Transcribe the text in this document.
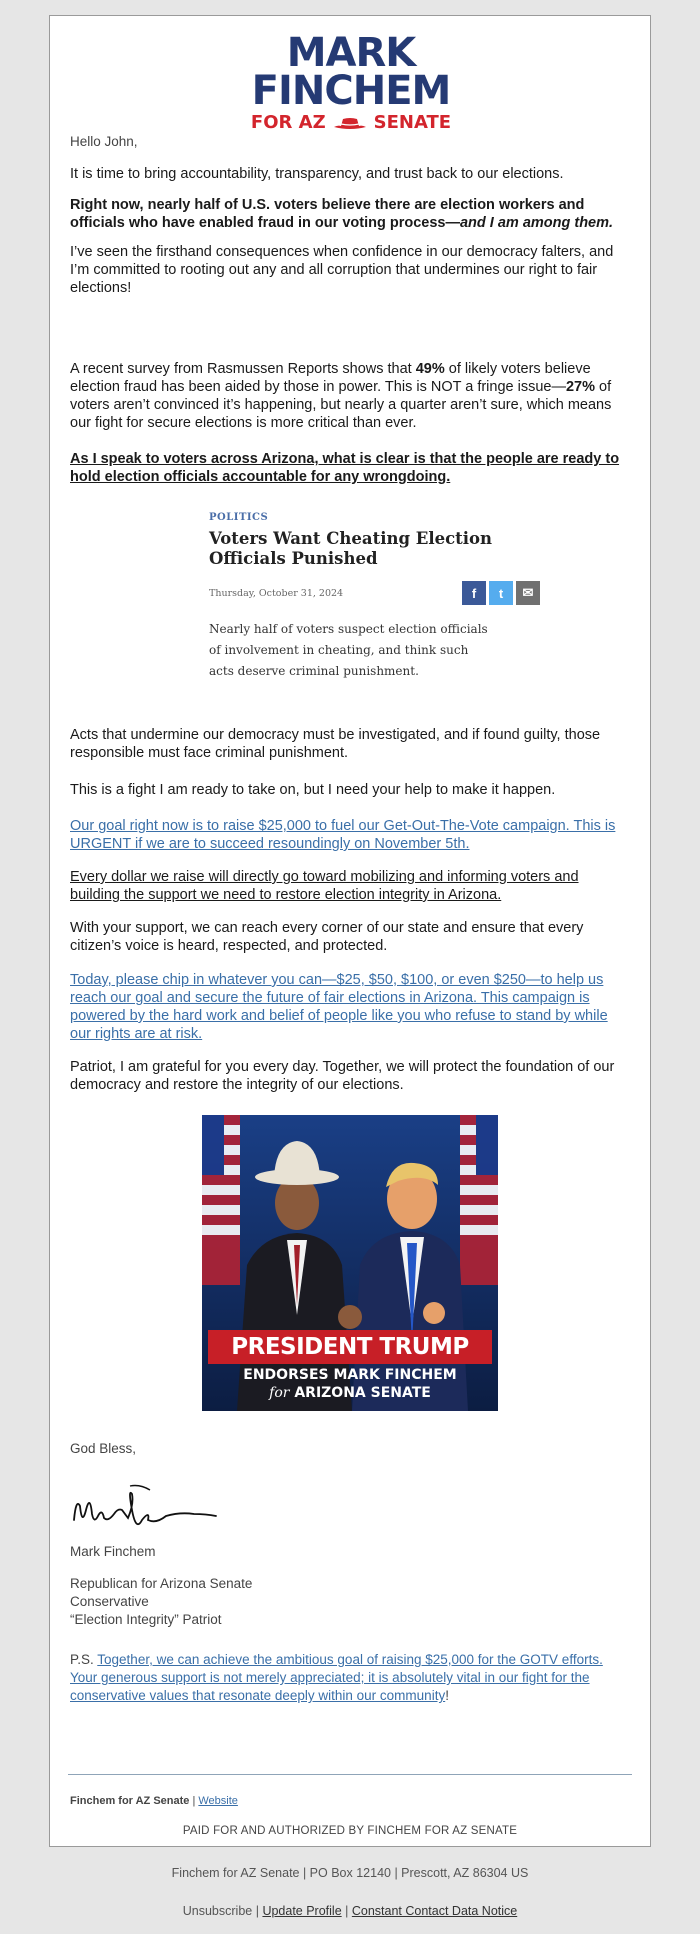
MARK
FINCHEM
FOR AZ	SENATE
Hello John,
It is time to bring accountability, transparency, and trust back to our elections.
Right now, nearly half of U.S. voters believe there are election workers and officials who have enabled fraud in our voting process—and I am among them.
I’ve seen the firsthand consequences when confidence in our democracy falters, and I’m committed to rooting out any and all corruption that undermines our right to fair elections!
A recent survey from Rasmussen Reports shows that 49% of likely voters believe election fraud has been aided by those in power. This is NOT a fringe issue—27% of voters aren’t convinced it’s happening, but nearly a quarter aren’t sure, which means our fight for secure elections is more critical than ever.
As I speak to voters across Arizona, what is clear is that the people are ready to hold election officials accountable for any wrongdoing.
POLITICS
Voters Want Cheating Election Officials Punished
Thursday, October 31, 2024	f	t	✉
Nearly half of voters suspect election officials of involvement in cheating, and think such acts deserve criminal punishment.
Acts that undermine our democracy must be investigated, and if found guilty, those responsible must face criminal punishment.
This is a fight I am ready to take on, but I need your help to make it happen.
Our goal right now is to raise $25,000 to fuel our Get-Out-The-Vote campaign. This is URGENT if we are to succeed resoundingly on November 5th.
Every dollar we raise will directly go toward mobilizing and informing voters and building the support we need to restore election integrity in Arizona.
With your support, we can reach every corner of our state and ensure that every citizen’s voice is heard, respected, and protected.
Today, please chip in whatever you can—$25, $50, $100, or even $250—to help us reach our goal and secure the future of fair elections in Arizona. This campaign is powered by the hard work and belief of people like you who refuse to stand by while our rights are at risk.
Patriot, I am grateful for you every day. Together, we will protect the foundation of our democracy and restore the integrity of our elections.
PRESIDENT TRUMP
ENDORSES MARK FINCHEM
for ARIZONA SENATE
God Bless,
Mark Finchem
Republican for Arizona Senate
Conservative
“Election Integrity” Patriot
P.S. Together, we can achieve the ambitious goal of raising $25,000 for the GOTV efforts. Your generous support is not merely appreciated; it is absolutely vital in our fight for the conservative values that resonate deeply within our community!
Finchem for AZ Senate | Website
PAID FOR AND AUTHORIZED BY FINCHEM FOR AZ SENATE
Finchem for AZ Senate | PO Box 12140 | Prescott, AZ 86304 US
Unsubscribe | Update Profile | Constant Contact Data Notice
